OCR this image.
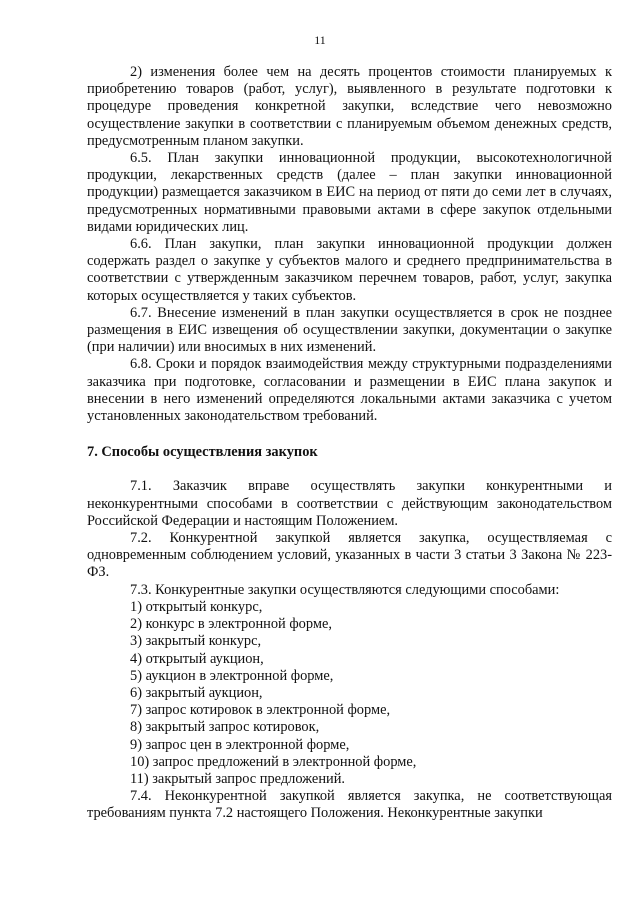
11

2) изменения более чем на десять процентов стоимости планируемых к приобретению товаров (работ, услуг), выявленного в результате подготовки к процедуре проведения конкретной закупки, вследствие чего невозможно осуществление закупки в соответствии с планируемым объемом денежных средств, предусмотренным планом закупки.

6.5. План закупки инновационной продукции, высокотехнологичной продукции, лекарственных средств (далее – план закупки инновационной продукции) размещается заказчиком в ЕИС на период от пяти до семи лет в случаях, предусмотренных нормативными правовыми актами в сфере закупок отдельными видами юридических лиц.

6.6. План закупки, план закупки инновационной продукции должен содержать раздел о закупке у субъектов малого и среднего предпринимательства в соответствии с утвержденным заказчиком перечнем товаров, работ, услуг, закупка которых осуществляется у таких субъектов.

6.7. Внесение изменений в план закупки осуществляется в срок не позднее размещения в ЕИС извещения об осуществлении закупки, документации о закупке (при наличии) или вносимых в них изменений.

6.8. Сроки и порядок взаимодействия между структурными подразделениями заказчика при подготовке, согласовании и размещении в ЕИС плана закупок и внесении в него изменений определяются локальными актами заказчика с учетом установленных законодательством требований.

7. Способы осуществления закупок

7.1. Заказчик вправе осуществлять закупки конкурентными и неконкурентными способами в соответствии с действующим законодательством Российской Федерации и настоящим Положением.

7.2. Конкурентной закупкой является закупка, осуществляемая с одновременным соблюдением условий, указанных в части 3 статьи 3 Закона № 223-ФЗ.

7.3. Конкурентные закупки осуществляются следующими способами:

1) открытый конкурс,
2) конкурс в электронной форме,
3) закрытый конкурс,
4) открытый аукцион,
5) аукцион в электронной форме,
6) закрытый аукцион,
7) запрос котировок в электронной форме,
8) закрытый запрос котировок,
9) запрос цен в электронной форме,
10) запрос предложений в электронной форме,
11) закрытый запрос предложений.

7.4. Неконкурентной закупкой является закупка, не соответствующая требованиям пункта 7.2 настоящего Положения. Неконкурентные закупки
